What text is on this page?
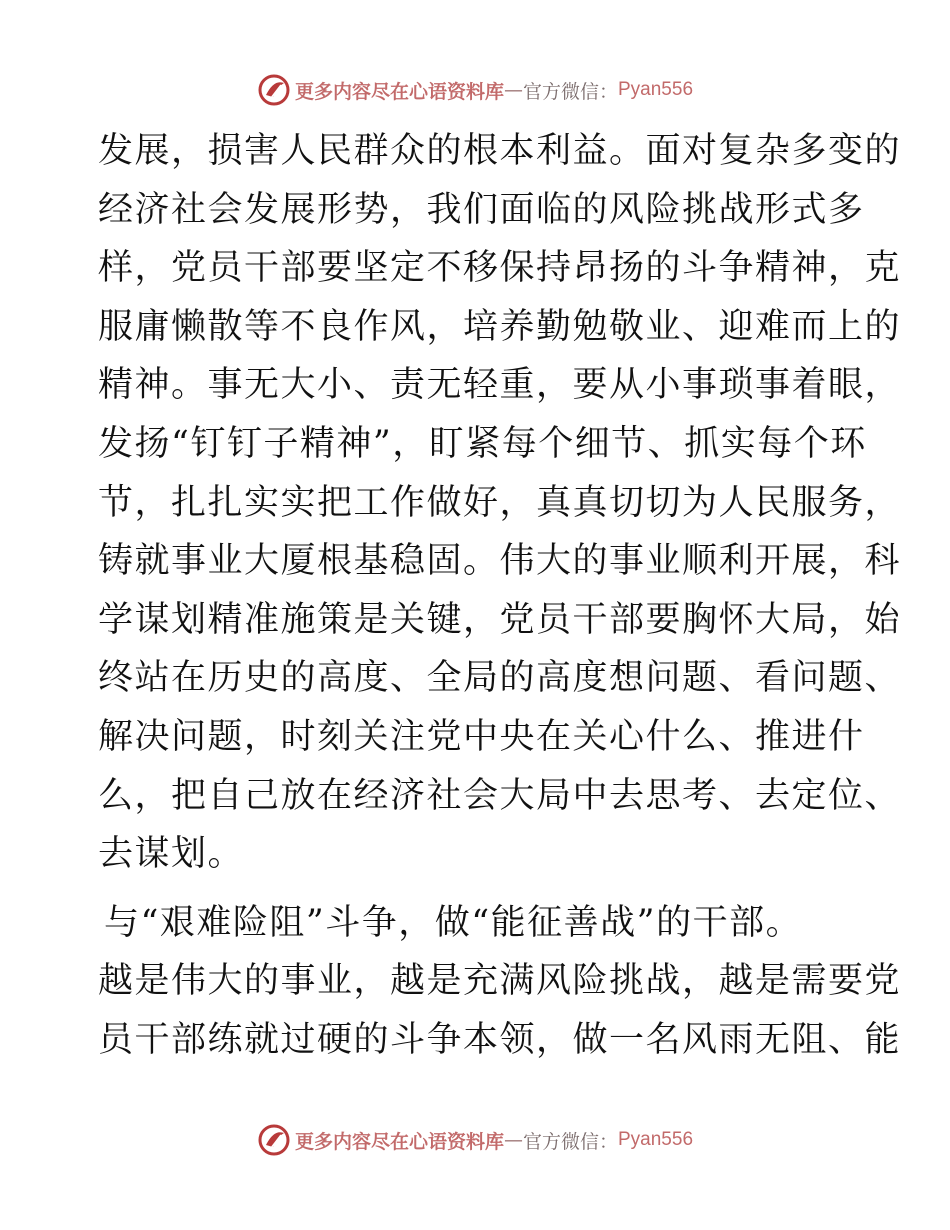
更多内容尽在心语资料库 — 官方微信： Pyan556
发展，损害人民群众的根本利益。面对复杂多变的
经济社会发展形势，我们面临的风险挑战形式多
样，党员干部要坚定不移保持昂扬的斗争精神，克
服庸懒散等不良作风，培养勤勉敬业、迎难而上的
精神。事无大小、责无轻重，要从小事琐事着眼，
发扬“钉钉子精神”，盯紧每个细节、抓实每个环
节，扎扎实实把工作做好，真真切切为人民服务，
铸就事业大厦根基稳固。伟大的事业顺利开展，科
学谋划精准施策是关键，党员干部要胸怀大局，始
终站在历史的高度、全局的高度想问题、看问题、
解决问题，时刻关注党中央在关心什么、推进什
么，把自己放在经济社会大局中去思考、去定位、
去谋划。
与“艰难险阻”斗争，做“能征善战”的干部。
越是伟大的事业，越是充满风险挑战，越是需要党
员干部练就过硬的斗争本领，做一名风雨无阻、能
更多内容尽在心语资料库 — 官方微信： Pyan556
